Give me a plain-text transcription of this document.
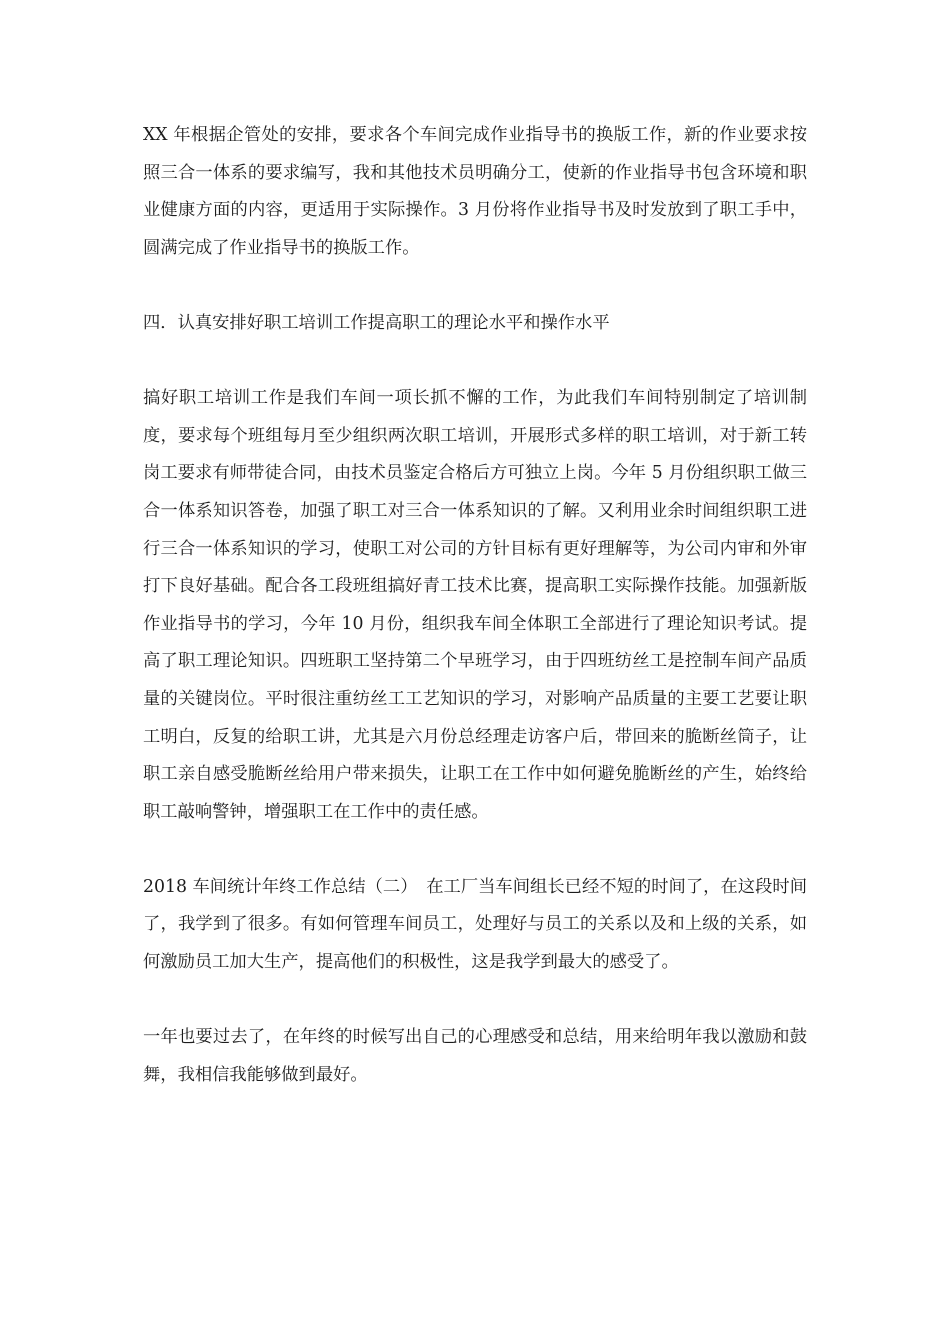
XX 年根据企管处的安排，要求各个车间完成作业指导书的换版工作，新的作业要求按照三合一体系的要求编写，我和其他技术员明确分工，使新的作业指导书包含环境和职业健康方面的内容，更适用于实际操作。3 月份将作业指导书及时发放到了职工手中，圆满完成了作业指导书的换版工作。

四．认真安排好职工培训工作提高职工的理论水平和操作水平

搞好职工培训工作是我们车间一项长抓不懈的工作，为此我们车间特别制定了培训制度，要求每个班组每月至少组织两次职工培训，开展形式多样的职工培训，对于新工转岗工要求有师带徒合同，由技术员鉴定合格后方可独立上岗。今年 5 月份组织职工做三合一体系知识答卷，加强了职工对三合一体系知识的了解。又利用业余时间组织职工进行三合一体系知识的学习，使职工对公司的方针目标有更好理解等，为公司内审和外审打下良好基础。配合各工段班组搞好青工技术比赛，提高职工实际操作技能。加强新版作业指导书的学习，今年 10 月份，组织我车间全体职工全部进行了理论知识考试。提高了职工理论知识。四班职工坚持第二个早班学习，由于四班纺丝工是控制车间产品质量的关键岗位。平时很注重纺丝工工艺知识的学习，对影响产品质量的主要工艺要让职工明白，反复的给职工讲，尤其是六月份总经理走访客户后，带回来的脆断丝筒子，让职工亲自感受脆断丝给用户带来损失，让职工在工作中如何避免脆断丝的产生，始终给职工敲响警钟，增强职工在工作中的责任感。

2018 车间统计年终工作总结（二）　在工厂当车间组长已经不短的时间了，在这段时间了，我学到了很多。有如何管理车间员工，处理好与员工的关系以及和上级的关系，如何激励员工加大生产，提高他们的积极性，这是我学到最大的感受了。

一年也要过去了，在年终的时候写出自己的心理感受和总结，用来给明年我以激励和鼓舞，我相信我能够做到最好。
